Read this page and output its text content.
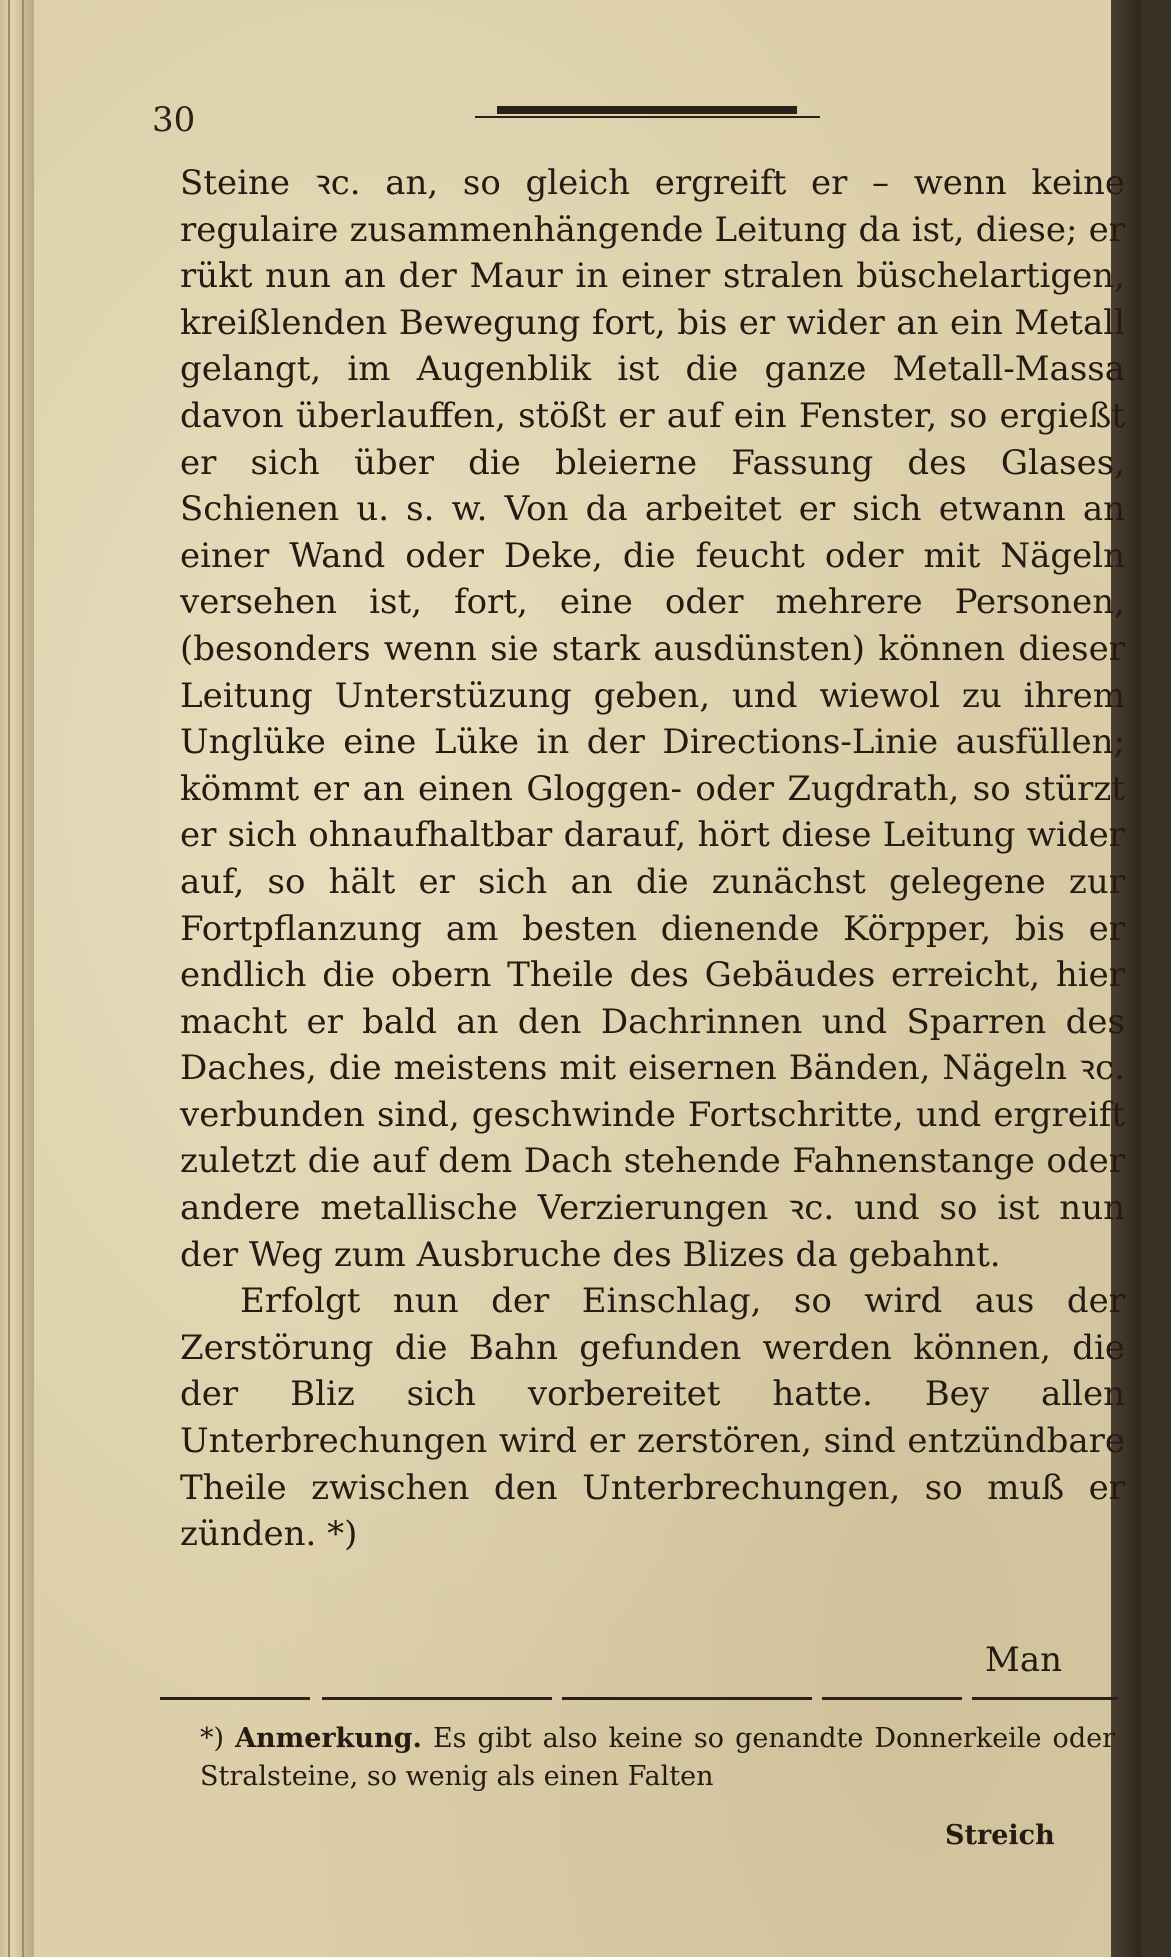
30

Steine ꝛc. an, so gleich ergreift er – wenn keine regulaire zusammenhängende Leitung da ist, diese; er rükt nun an der Maur in einer stralen büschelartigen, kreißlenden Bewegung fort, bis er wider an ein Metall gelangt, im Augenblik ist die ganze Metall-Massa davon überlauffen, stößt er auf ein Fenster, so ergießt er sich über die bleierne Fassung des Glases, Schienen u. s. w. Von da arbeitet er sich etwann an einer Wand oder Deke, die feucht oder mit Nägeln versehen ist, fort, eine oder mehrere Personen, (besonders wenn sie stark ausdünsten) können dieser Leitung Unterstüzung geben, und wiewol zu ihrem Unglüke eine Lüke in der Directions-Linie ausfüllen; kömmt er an einen Gloggen- oder Zugdrath, so stürzt er sich ohnaufhaltbar darauf, hört diese Leitung wider auf, so hält er sich an die zunächst gelegene zur Fortpflanzung am besten dienende Körpper, bis er endlich die obern Theile des Gebäudes erreicht, hier macht er bald an den Dachrinnen und Sparren des Daches, die meistens mit eisernen Bänden, Nägeln ꝛc. verbunden sind, geschwinde Fortschritte, und ergreift zuletzt die auf dem Dach stehende Fahnenstange oder andere metallische Verzierungen ꝛc. und so ist nun der Weg zum Ausbruche des Blizes da gebahnt.

Erfolgt nun der Einschlag, so wird aus der Zerstörung die Bahn gefunden werden können, die der Bliz sich vorbereitet hatte. Bey allen Unterbrechungen wird er zerstören, sind entzündbare Theile zwischen den Unterbrechungen, so muß er zünden. *)

Man

*) Anmerkung. Es gibt also keine so genandte Donnerkeile oder Stralsteine, so wenig als einen Falten

Streich
